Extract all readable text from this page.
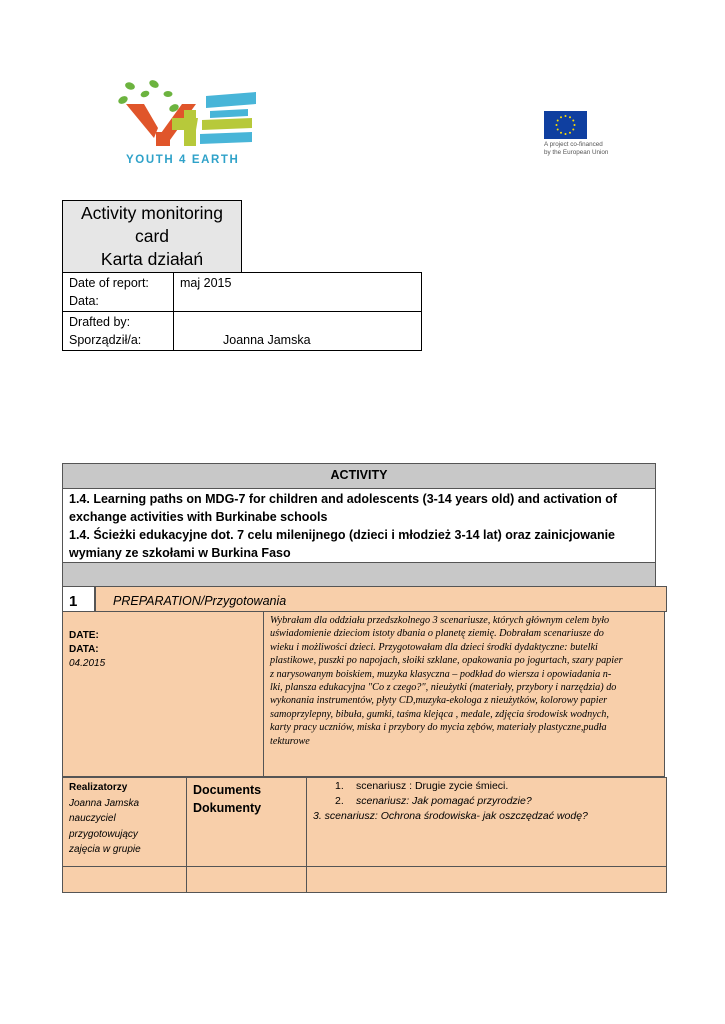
YOUTH 4 EARTH
A project co-financed
by the European Union
Activity monitoring
card
Karta działań
Date of report:
Data:	maj 2015

Drafted by:
Sporządził/a:	Joanna Jamska
ACTIVITY
1.4. Learning paths on MDG-7 for children and adolescents (3-14 years old) and activation of
exchange activities with Burkinabe schools
1.4. Ścieżki edukacyjne dot. 7 celu milenijnego (dzieci i młodzież 3-14 lat) oraz zainicjowanie
wymiany ze szkołami w Burkina Faso
1	PREPARATION/Przygotowania
DATE:
DATA:
04.2015
Wybrałam dla oddziału przedszkolnego 3 scenariusze, których głównym celem było
uświadomienie dzieciom istoty dbania o planetę ziemię. Dobrałam scenariusze do
wieku i możliwości dzieci. Przygotowałam dla dzieci środki dydaktyczne: butelki
plastikowe, puszki po napojach, słoiki szklane, opakowania po jogurtach, szary papier
z narysowanym boiskiem, muzyka klasyczna – podkład do wiersza i opowiadania n-
lki, plansza edukacyjna "Co z czego?", nieużytki (materiały, przybory i narzędzia) do
wykonania instrumentów, płyty CD,muzyka-ekologa z nieużytków, kolorowy papier
samoprzylepny, bibuła, gumki, taśma klejąca , medale, zdjęcia środowisk wodnych,
karty pracy uczniów, miska i przybory do mycia zębów, materiały plastyczne,pudła
tekturowe
Realizatorzy
Joanna Jamska
nauczyciel
przygotowujący
zajęcia w grupie
Documents
Dokumenty
1. scenariusz : Drugie zycie śmieci.
2. scenariusz: Jak pomagać przyrodzie?
3. scenariusz: Ochrona środowiska- jak oszczędzać wodę?
